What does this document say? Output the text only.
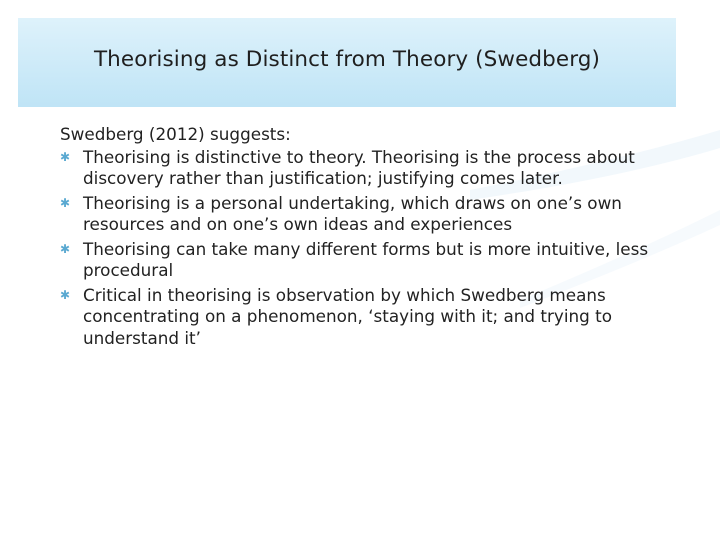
Theorising as Distinct from Theory (Swedberg)

Swedberg (2012) suggests:

✱ Theorising is distinctive to theory. Theorising is the process about discovery rather than justification; justifying comes later.
✱ Theorising is a personal undertaking, which draws on one’s own resources and on one’s own ideas and experiences
✱ Theorising can take many different forms but is more intuitive, less procedural
✱ Critical in theorising is observation by which Swedberg means concentrating on a phenomenon, ‘staying with it; and trying to understand it’
